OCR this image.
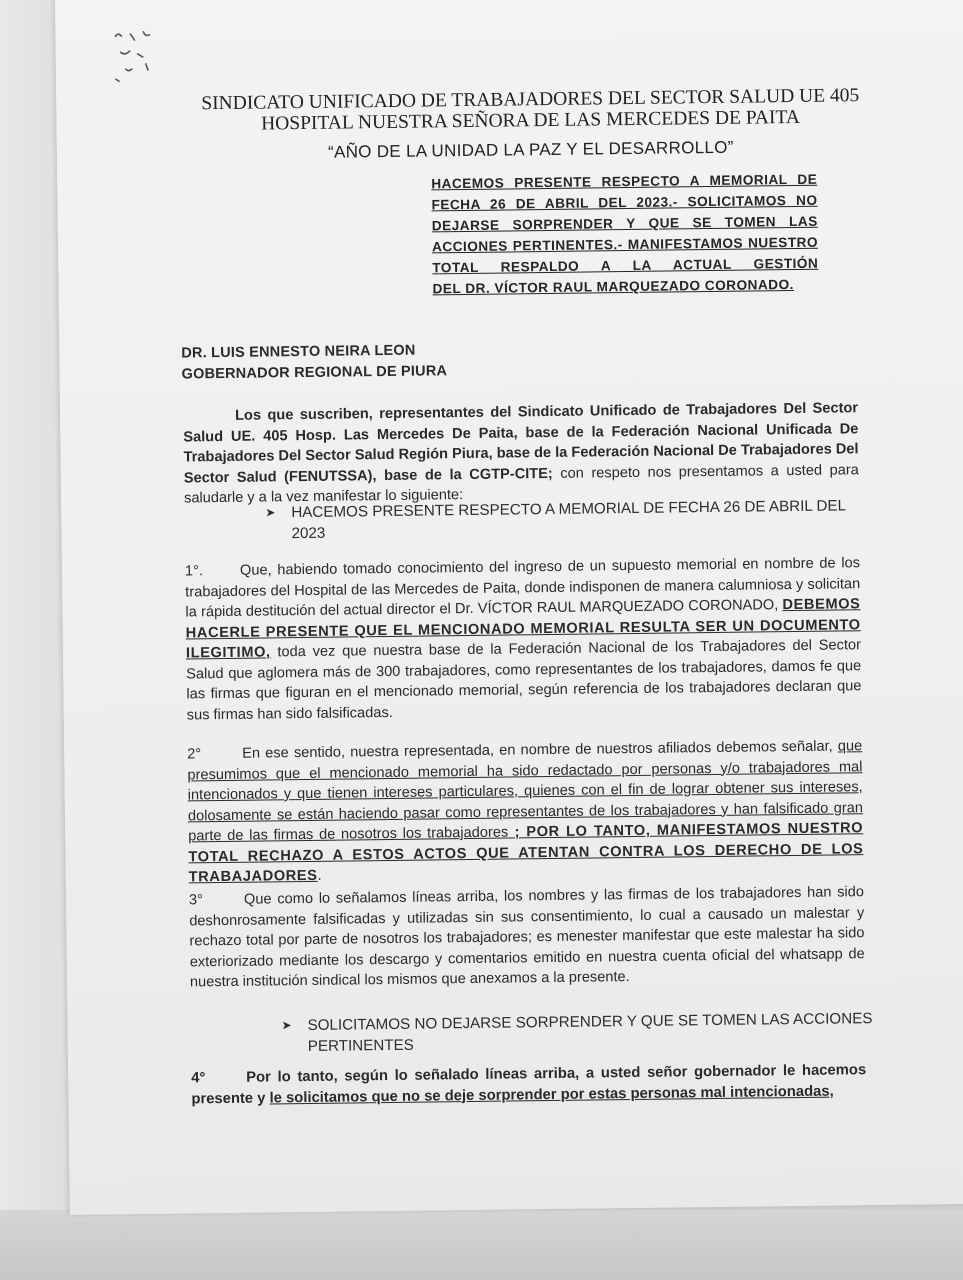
SINDICATO UNIFICADO DE TRABAJADORES DEL SECTOR SALUD UE 405
HOSPITAL NUESTRA SEÑORA DE LAS MERCEDES DE PAITA
“AÑO DE LA UNIDAD LA PAZ Y EL DESARROLLO”
HACEMOS PRESENTE RESPECTO A MEMORIAL DE FECHA 26 DE ABRIL DEL 2023.- SOLICITAMOS NO DEJARSE SORPRENDER Y QUE SE TOMEN LAS ACCIONES PERTINENTES.- MANIFESTAMOS NUESTRO TOTAL RESPALDO A LA ACTUAL GESTIÓN
DEL DR. VÍCTOR RAUL MARQUEZADO CORONADO.
DR. LUIS ENNESTO NEIRA LEON
GOBERNADOR REGIONAL DE PIURA
Los que suscriben, representantes del Sindicato Unificado de Trabajadores Del Sector Salud UE. 405 Hosp. Las Mercedes De Paita, base de la Federación Nacional Unificada De Trabajadores Del Sector Salud Región Piura, base de la Federación Nacional De Trabajadores Del Sector Salud (FENUTSSA), base de la CGTP-CITE; con respeto nos presentamos a usted para saludarle y a la vez manifestar lo siguiente:
➤ HACEMOS PRESENTE RESPECTO A MEMORIAL DE FECHA 26 DE ABRIL DEL 2023
1°.	Que, habiendo tomado conocimiento del ingreso de un supuesto memorial en nombre de los trabajadores del Hospital de las Mercedes de Paita, donde indisponen de manera calumniosa y solicitan la rápida destitución del actual director el Dr. VÍCTOR RAUL MARQUEZADO CORONADO, DEBEMOS HACERLE PRESENTE QUE EL MENCIONADO MEMORIAL RESULTA SER UN DOCUMENTO ILEGITIMO, toda vez que nuestra base de la Federación Nacional de los Trabajadores del Sector Salud que aglomera más de 300 trabajadores, como representantes de los trabajadores, damos fe que las firmas que figuran en el mencionado memorial, según referencia de los trabajadores declaran que sus firmas han sido falsificadas.
2°	En ese sentido, nuestra representada, en nombre de nuestros afiliados debemos señalar, que presumimos que el mencionado memorial ha sido redactado por personas y/o trabajadores mal intencionados y que tienen intereses particulares, quienes con el fin de lograr obtener sus intereses, dolosamente se están haciendo pasar como representantes de los trabajadores y han falsificado gran parte de las firmas de nosotros los trabajadores ; POR LO TANTO, MANIFESTAMOS NUESTRO TOTAL RECHAZO A ESTOS ACTOS QUE ATENTAN CONTRA LOS DERECHO DE LOS TRABAJADORES.
3°	Que como lo señalamos líneas arriba, los nombres y las firmas de los trabajadores han sido deshonrosamente falsificadas y utilizadas sin sus consentimiento, lo cual a causado un malestar y rechazo total por parte de nosotros los trabajadores; es menester manifestar que este malestar ha sido exteriorizado mediante los descargo y comentarios emitido en nuestra cuenta oficial del whatsapp de nuestra institución sindical los mismos que anexamos a la presente.
➤ SOLICITAMOS NO DEJARSE SORPRENDER Y QUE SE TOMEN LAS ACCIONES PERTINENTES
4°	Por lo tanto, según lo señalado líneas arriba, a usted señor gobernador le hacemos presente y le solicitamos que no se deje sorprender por estas personas mal intencionadas,
